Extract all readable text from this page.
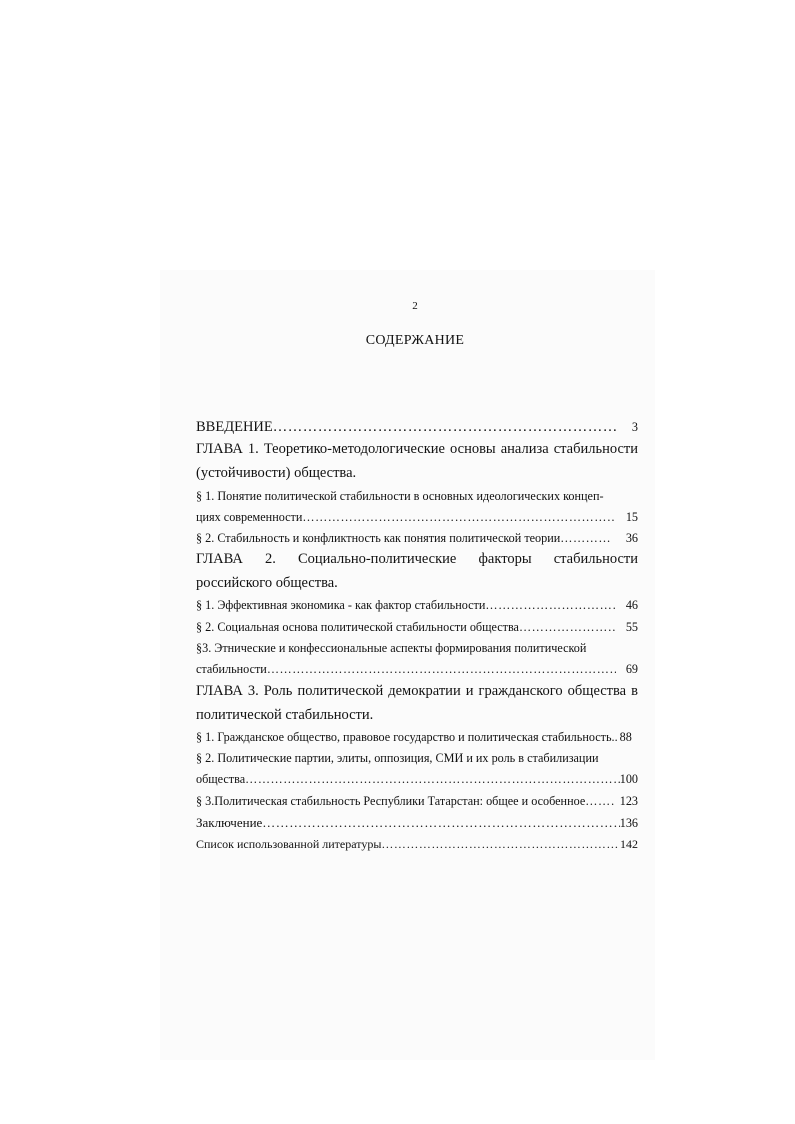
2
СОДЕРЖАНИЕ
ВВЕДЕНИЕ ………………………………………………………………………………………………………………………………………………………………………………	3
ГЛАВА 1. Теоретико-методологические основы анализа стабильности
(устойчивости) общества.
§ 1. Понятие политической стабильности в основных идеологических концеп-
циях современности ………………………………………………………………………………………………………………………………………………………………………………	15
§ 2. Стабильность и конфликтность как понятия политической теории ………………………………………………………………………………………………………………………………………………………………………………	36
ГЛАВА 2. Социально-политические факторы стабильности
российского общества.
§ 1. Эффективная экономика - как фактор стабильности ………………………………………………………………………………………………………………………………………………………………………………	46
§ 2. Социальная основа политической стабильности общества ………………………………………………………………………………………………………………………………………………………………………………	55
§3. Этнические и конфессиональные аспекты формирования политической
стабильности ………………………………………………………………………………………………………………………………………………………………………………	69
ГЛАВА 3. Роль политической демократии и гражданского общества в
политической стабильности.
§ 1. Гражданское общество, правовое государство и политическая стабильность.. 88
§ 2. Политические партии, элиты, оппозиция, СМИ и их роль в стабилизации
общества ………………………………………………………………………………………………………………………………………………………………………………	100
§ 3.Политическая стабильность Республики Татарстан: общее и особенное ………………………………………………………………………………………………………………………………………………………………………………	123
Заключение ………………………………………………………………………………………………………………………………………………………………………………	136
Список использованной литературы ………………………………………………………………………………………………………………………………………………………………………………	142
